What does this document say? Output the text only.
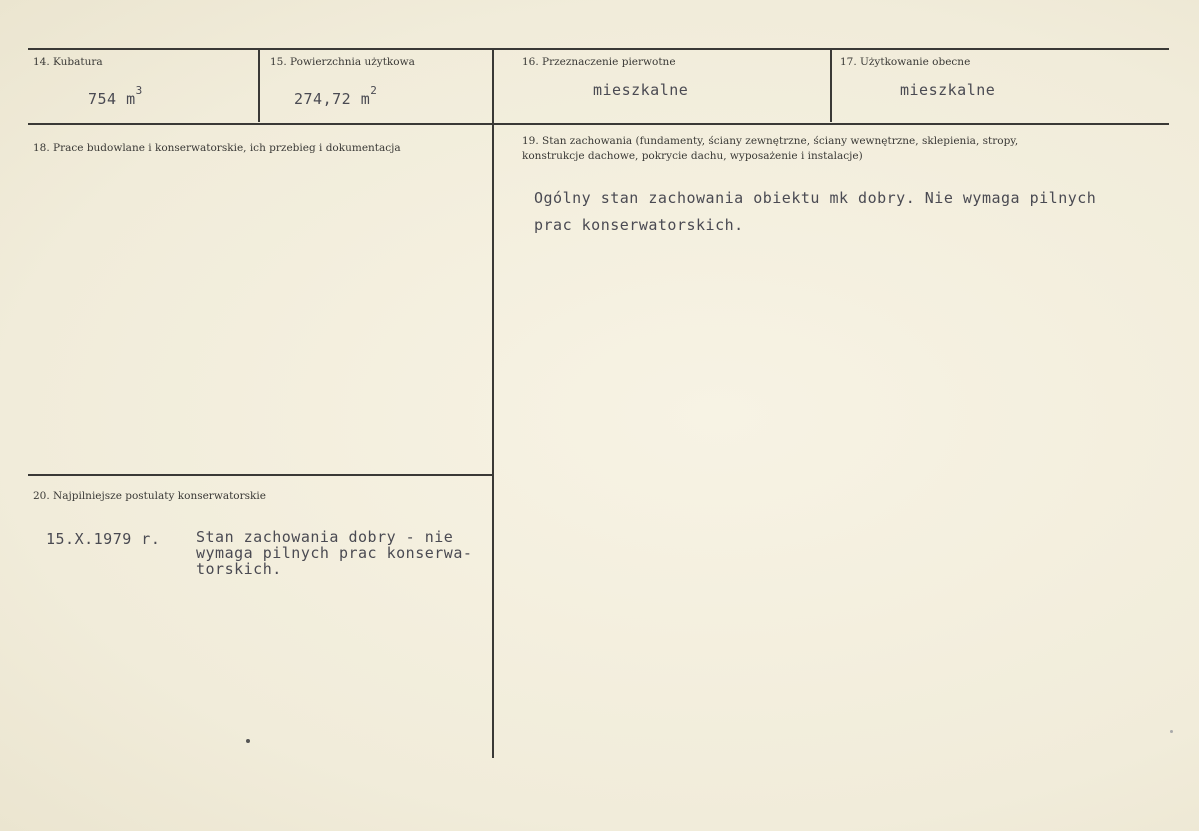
14. Kubatura
754 $m^3$
15. Powierzchnia użytkowa
274,72 $m^2$
16. Przeznaczenie pierwotne
mieszkalne
17. Użytkowanie obecne
mieszkalne
18. Prace budowlane i konserwatorskie, ich przebieg i dokumentacja
19. Stan zachowania (fundamenty, ściany zewnętrzne, ściany wewnętrzne, sklepienia, stropy, konstrukcje dachowe, pokrycie dachu, wyposażenie i instalacje)
Ogólny stan zachowania obiektu mk dobry. Nie wymaga pilnych
prac konserwatorskich.
20. Najpilniejsze postulaty konserwatorskie
15.X.1979 r. Stan zachowania dobry - nie
wymaga pilnych prac konserwa-
torskich.
